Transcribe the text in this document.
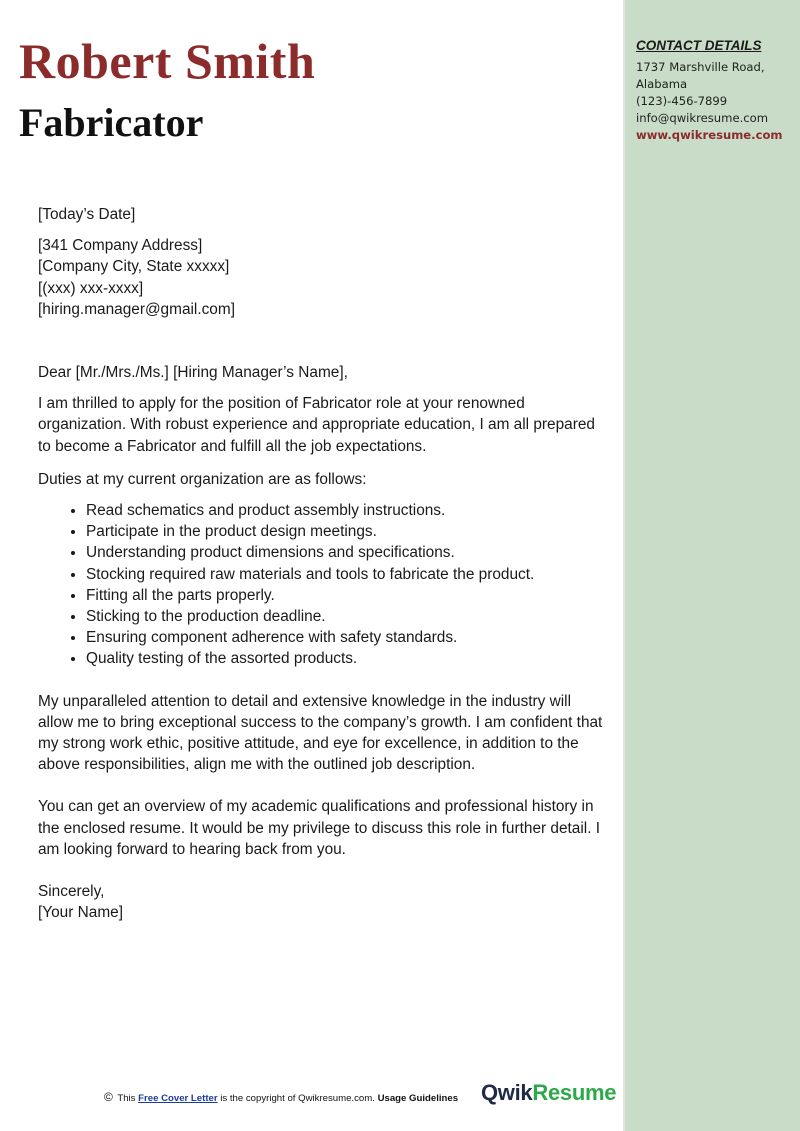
Robert Smith
Fabricator
CONTACT DETAILS
1737 Marshville Road,
Alabama
(123)-456-7899
info@qwikresume.com
www.qwikresume.com

[Today’s Date]

[341 Company Address]

[Company City, State xxxxx]

[(xxx) xxx-xxxx]

[hiring.manager@gmail.com]

Dear [Mr./Mrs./Ms.] [Hiring Manager’s Name],

I am thrilled to apply for the position of Fabricator role at your renowned organization. With robust experience and appropriate education, I am all prepared to become a Fabricator and fulfill all the job expectations.

Duties at my current organization are as follows:

• Read schematics and product assembly instructions.
• Participate in the product design meetings.
• Understanding product dimensions and specifications.
• Stocking required raw materials and tools to fabricate the product.
• Fitting all the parts properly.
• Sticking to the production deadline.
• Ensuring component adherence with safety standards.
• Quality testing of the assorted products.

My unparalleled attention to detail and extensive knowledge in the industry will allow me to bring exceptional success to the company’s growth. I am confident that my strong work ethic, positive attitude, and eye for excellence, in addition to the above responsibilities, align me with the outlined job description.

You can get an overview of my academic qualifications and professional history in the enclosed resume. It would be my privilege to discuss this role in further detail. I am looking forward to hearing back from you.

Sincerely,

[Your Name]

© This Free Cover Letter is the copyright of Qwikresume.com. Usage Guidelines QwikResume
